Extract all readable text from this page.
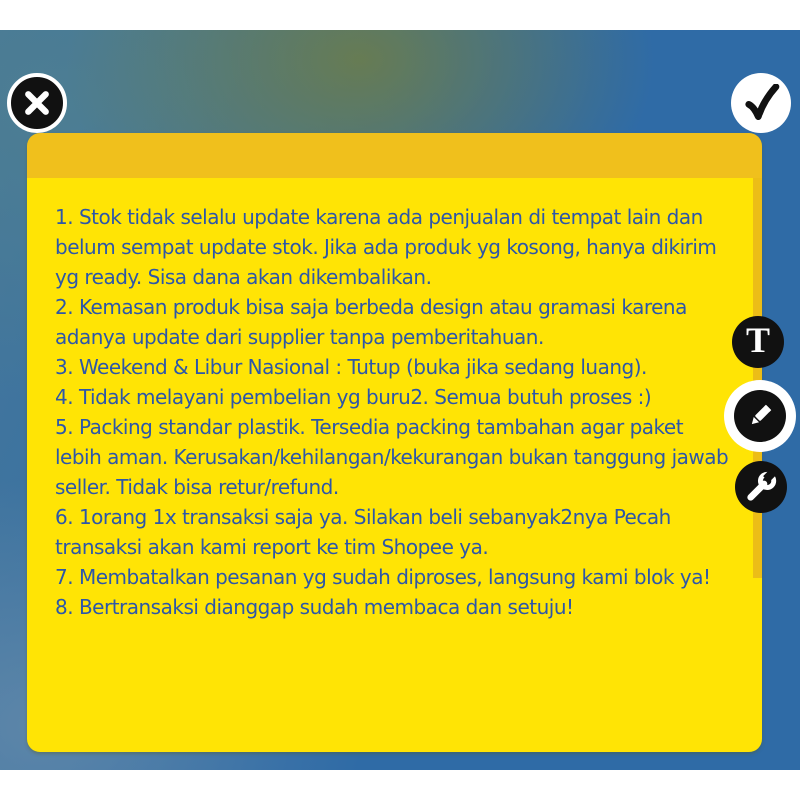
1. Stok tidak selalu update karena ada penjualan di tempat lain dan
belum sempat update stok. Jika ada produk yg kosong, hanya dikirim
yg ready. Sisa dana akan dikembalikan.
2. Kemasan produk bisa saja berbeda design atau gramasi karena
adanya update dari supplier tanpa pemberitahuan.
3. Weekend & Libur Nasional : Tutup (buka jika sedang luang).
4. Tidak melayani pembelian yg buru2. Semua butuh proses :)
5. Packing standar plastik. Tersedia packing tambahan agar paket
lebih aman. Kerusakan/kehilangan/kekurangan bukan tanggung jawab
seller. Tidak bisa retur/refund.
6. 1orang 1x transaksi saja ya. Silakan beli sebanyak2nya Pecah
transaksi akan kami report ke tim Shopee ya.
7. Membatalkan pesanan yg sudah diproses, langsung kami blok ya!
8. Bertransaksi dianggap sudah membaca dan setuju!
T
